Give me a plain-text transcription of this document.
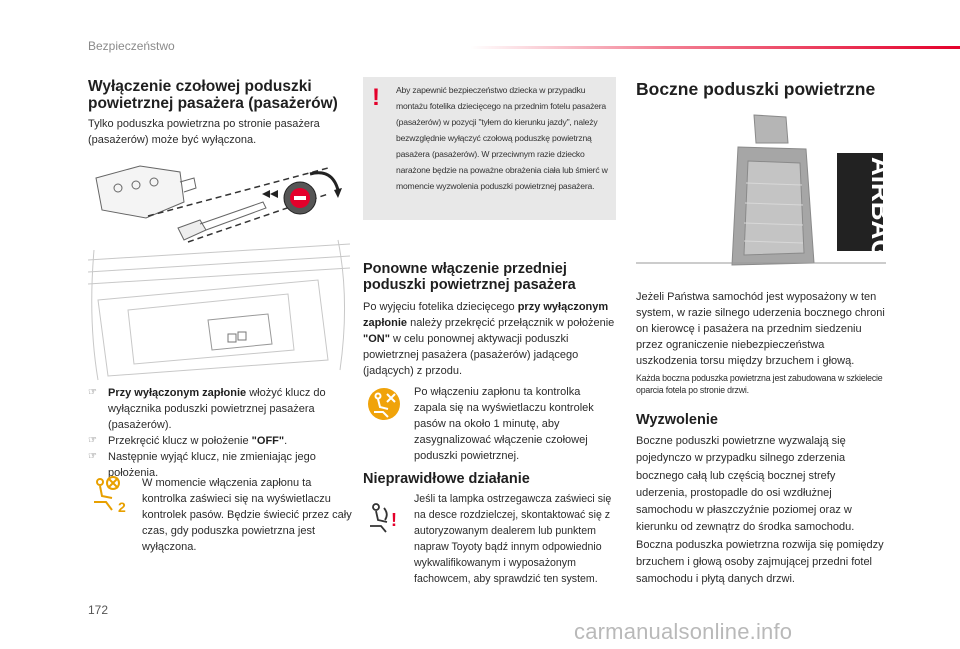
Bezpieczeństwo
Wyłączenie czołowej poduszki powietrznej pasażera (pasażerów)
Tylko poduszka powietrzna po stronie pasażera (pasażerów) może być wyłączona.
☞ Przy wyłączonym zapłonie włożyć klucz do wyłącznika poduszki powietrznej pasażera (pasażerów).
☞ Przekręcić klucz w położenie "OFF".
☞ Następnie wyjąć klucz, nie zmieniając jego położenia.
2
W momencie włączenia zapłonu ta kontrolka zaświeci się na wyświetlaczu kontrolek pasów. Będzie świecić przez cały czas, gdy poduszka powietrzna jest wyłączona.
! Aby zapewnić bezpieczeństwo dziecka w przypadku montażu fotelika dziecięcego na przednim fotelu pasażera (pasażerów) w pozycji "tyłem do kierunku jazdy", należy bezwzględnie wyłączyć czołową poduszkę powietrzną pasażera (pasażerów). W przeciwnym razie dziecko narażone będzie na poważne obrażenia ciała lub śmierć w momencie wyzwolenia poduszki powietrznej pasażera.
Ponowne włączenie przedniej poduszki powietrznej pasażera
Po wyjęciu fotelika dziecięcego przy wyłączonym zapłonie należy przekręcić przełącznik w położenie "ON" w celu ponownej aktywacji poduszki powietrznej pasażera (pasażerów) jadącego (jadących) z przodu.
Po włączeniu zapłonu ta kontrolka zapala się na wyświetlaczu kontrolek pasów na około 1 minutę, aby zasygnalizować włączenie czołowej poduszki powietrznej.
Nieprawidłowe działanie
!
Jeśli ta lampka ostrzegawcza zaświeci się na desce rozdzielczej, skontaktować się z autoryzowanym dealerem lub punktem napraw Toyoty bądź innym odpowiednio wykwalifikowanym i wyposażonym fachowcem, aby sprawdzić ten system.
Boczne poduszki powietrzne
AIRBAG
Jeżeli Państwa samochód jest wyposażony w ten system, w razie silnego uderzenia bocznego chroni on kierowcę i pasażera na przednim siedzeniu przez ograniczenie niebezpieczeństwa uszkodzenia torsu między brzuchem i głową.
Każda boczna poduszka powietrzna jest zabudowana w szkielecie oparcia fotela po stronie drzwi.
Wyzwolenie
Boczne poduszki powietrzne wyzwalają się pojedynczo w przypadku silnego zderzenia bocznego całą lub częścią bocznej strefy uderzenia, prostopadle do osi wzdłużnej samochodu w płaszczyźnie poziomej oraz w kierunku od zewnątrz do środka samochodu. Boczna poduszka powietrzna rozwija się pomiędzy brzuchem i głową osoby zajmującej przedni fotel samochodu i płytą danych drzwi.
172
carmanualsonline.info
